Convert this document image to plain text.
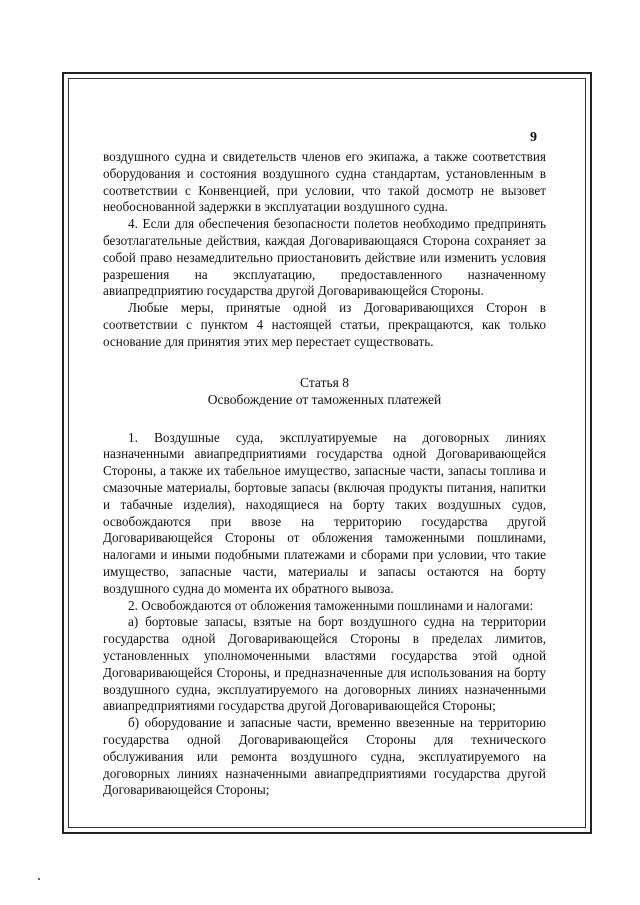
9

воздушного судна и свидетельств членов его экипажа, а также соответствия оборудования и состояния воздушного судна стандартам, установленным в соответствии с Конвенцией, при условии, что такой досмотр не вызовет необоснованной задержки в эксплуатации воздушного судна.

4. Если для обеспечения безопасности полетов необходимо предпринять безотлагательные действия, каждая Договаривающаяся Сторона сохраняет за собой право незамедлительно приостановить действие или изменить условия разрешения на эксплуатацию, предоставленного назначенному авиапредприятию государства другой Договаривающейся Стороны.

Любые меры, принятые одной из Договаривающихся Сторон в соответствии с пунктом 4 настоящей статьи, прекращаются, как только основание для принятия этих мер перестает существовать.

Статья 8

Освобождение от таможенных платежей

1. Воздушные суда, эксплуатируемые на договорных линиях назначенными авиапредприятиями государства одной Договаривающейся Стороны, а также их табельное имущество, запасные части, запасы топлива и смазочные материалы, бортовые запасы (включая продукты питания, напитки и табачные изделия), находящиеся на борту таких воздушных судов, освобождаются при ввозе на территорию государства другой Договаривающейся Стороны от обложения таможенными пошлинами, налогами и иными подобными платежами и сборами при условии, что такие имущество, запасные части, материалы и запасы остаются на борту воздушного судна до момента их обратного вывоза.

2. Освобождаются от обложения таможенными пошлинами и налогами:

а) бортовые запасы, взятые на борт воздушного судна на территории государства одной Договаривающейся Стороны в пределах лимитов, установленных уполномоченными властями государства этой одной Договаривающейся Стороны, и предназначенные для использования на борту воздушного судна, эксплуатируемого на договорных линиях назначенными авиапредприятиями государства другой Договаривающейся Стороны;

б) оборудование и запасные части, временно ввезенные на территорию государства одной Договаривающейся Стороны для технического обслуживания или ремонта воздушного судна, эксплуатируемого на договорных линиях назначенными авиапредприятиями государства другой Договаривающейся Стороны;
